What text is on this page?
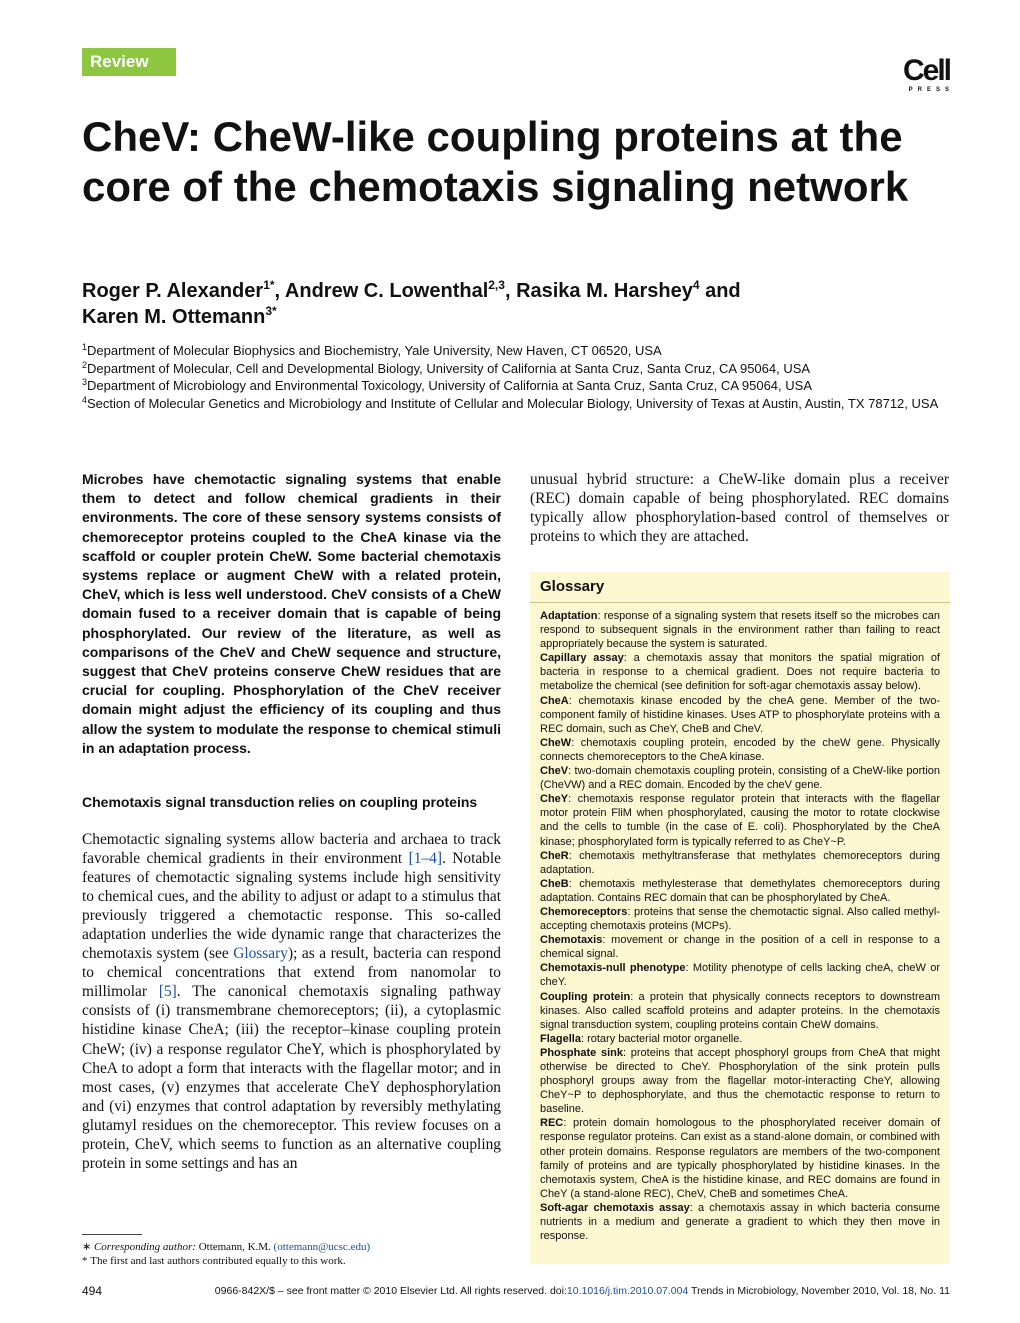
Review	Cell
PRESS
CheV: CheW-like coupling proteins at the core of the chemotaxis signaling network
Roger P. Alexander$^{1*}$, Andrew C. Lowenthal$^{2,3}$, Rasika M. Harshey$^4$ and
Karen M. Ottemann$^{3*}$
$^1$Department of Molecular Biophysics and Biochemistry, Yale University, New Haven, CT 06520, USA
$^2$Department of Molecular, Cell and Developmental Biology, University of California at Santa Cruz, Santa Cruz, CA 95064, USA
$^3$Department of Microbiology and Environmental Toxicology, University of California at Santa Cruz, Santa Cruz, CA 95064, USA
$^4$Section of Molecular Genetics and Microbiology and Institute of Cellular and Molecular Biology, University of Texas at Austin, Austin, TX 78712, USA
Microbes have chemotactic signaling systems that enable them to detect and follow chemical gradients in their environments. The core of these sensory systems consists of chemoreceptor proteins coupled to the CheA kinase via the scaffold or coupler protein CheW. Some bacterial chemotaxis systems replace or augment CheW with a related protein, CheV, which is less well understood. CheV consists of a CheW domain fused to a receiver domain that is capable of being phosphorylated. Our review of the literature, as well as comparisons of the CheV and CheW sequence and structure, suggest that CheV proteins conserve CheW residues that are crucial for coupling. Phosphorylation of the CheV receiver domain might adjust the efficiency of its coupling and thus allow the system to modulate the response to chemical stimuli in an adaptation process.
Chemotaxis signal transduction relies on coupling proteins
Chemotactic signaling systems allow bacteria and archaea to track favorable chemical gradients in their environment [1–4]. Notable features of chemotactic signaling systems include high sensitivity to chemical cues, and the ability to adjust or adapt to a stimulus that previously triggered a chemotactic response. This so-called adaptation underlies the wide dynamic range that characterizes the chemotaxis system (see Glossary); as a result, bacteria can respond to chemical concentrations that extend from nanomolar to millimolar [5]. The canonical chemotaxis signaling pathway consists of (i) transmembrane chemoreceptors; (ii), a cytoplasmic histidine kinase CheA; (iii) the receptor–kinase coupling protein CheW; (iv) a response regulator CheY, which is phosphorylated by CheA to adopt a form that interacts with the flagellar motor; and in most cases, (v) enzymes that accelerate CheY dephosphorylation and (vi) enzymes that control adaptation by reversibly methylating glutamyl residues on the chemoreceptor. This review focuses on a protein, CheV, which seems to function as an alternative coupling protein in some settings and has an
unusual hybrid structure: a CheW-like domain plus a receiver (REC) domain capable of being phosphorylated. REC domains typically allow phosphorylation-based control of themselves or proteins to which they are attached.
Glossary
Adaptation: response of a signaling system that resets itself so the microbes can respond to subsequent signals in the environment rather than failing to react appropriately because the system is saturated.
Capillary assay: a chemotaxis assay that monitors the spatial migration of bacteria in response to a chemical gradient. Does not require bacteria to metabolize the chemical (see definition for soft-agar chemotaxis assay below).
CheA: chemotaxis kinase encoded by the cheA gene. Member of the two-component family of histidine kinases. Uses ATP to phosphorylate proteins with a REC domain, such as CheY, CheB and CheV.
CheW: chemotaxis coupling protein, encoded by the cheW gene. Physically connects chemoreceptors to the CheA kinase.
CheV: two-domain chemotaxis coupling protein, consisting of a CheW-like portion (CheVW) and a REC domain. Encoded by the cheV gene.
CheY: chemotaxis response regulator protein that interacts with the flagellar motor protein FliM when phosphorylated, causing the motor to rotate clockwise and the cells to tumble (in the case of E. coli). Phosphorylated by the CheA kinase; phosphorylated form is typically referred to as CheY~P.
CheR: chemotaxis methyltransferase that methylates chemoreceptors during adaptation.
CheB: chemotaxis methylesterase that demethylates chemoreceptors during adaptation. Contains REC domain that can be phosphorylated by CheA.
Chemoreceptors: proteins that sense the chemotactic signal. Also called methyl-accepting chemotaxis proteins (MCPs).
Chemotaxis: movement or change in the position of a cell in response to a chemical signal.
Chemotaxis-null phenotype: Motility phenotype of cells lacking cheA, cheW or cheY.
Coupling protein: a protein that physically connects receptors to downstream kinases. Also called scaffold proteins and adapter proteins. In the chemotaxis signal transduction system, coupling proteins contain CheW domains.
Flagella: rotary bacterial motor organelle.
Phosphate sink: proteins that accept phosphoryl groups from CheA that might otherwise be directed to CheY. Phosphorylation of the sink protein pulls phosphoryl groups away from the flagellar motor-interacting CheY, allowing CheY~P to dephosphorylate, and thus the chemotactic response to return to baseline.
REC: protein domain homologous to the phosphorylated receiver domain of response regulator proteins. Can exist as a stand-alone domain, or combined with other protein domains. Response regulators are members of the two-component family of proteins and are typically phosphorylated by histidine kinases. In the chemotaxis system, CheA is the histidine kinase, and REC domains are found in CheY (a stand-alone REC), CheV, CheB and sometimes CheA.
Soft-agar chemotaxis assay: a chemotaxis assay in which bacteria consume nutrients in a medium and generate a gradient to which they then move in response.
∗ Corresponding author: Ottemann, K.M. (ottemann@ucsc.edu)
* The first and last authors contributed equally to this work.
494	0966-842X/$ – see front matter © 2010 Elsevier Ltd. All rights reserved. doi:10.1016/j.tim.2010.07.004 Trends in Microbiology, November 2010, Vol. 18, No. 11
